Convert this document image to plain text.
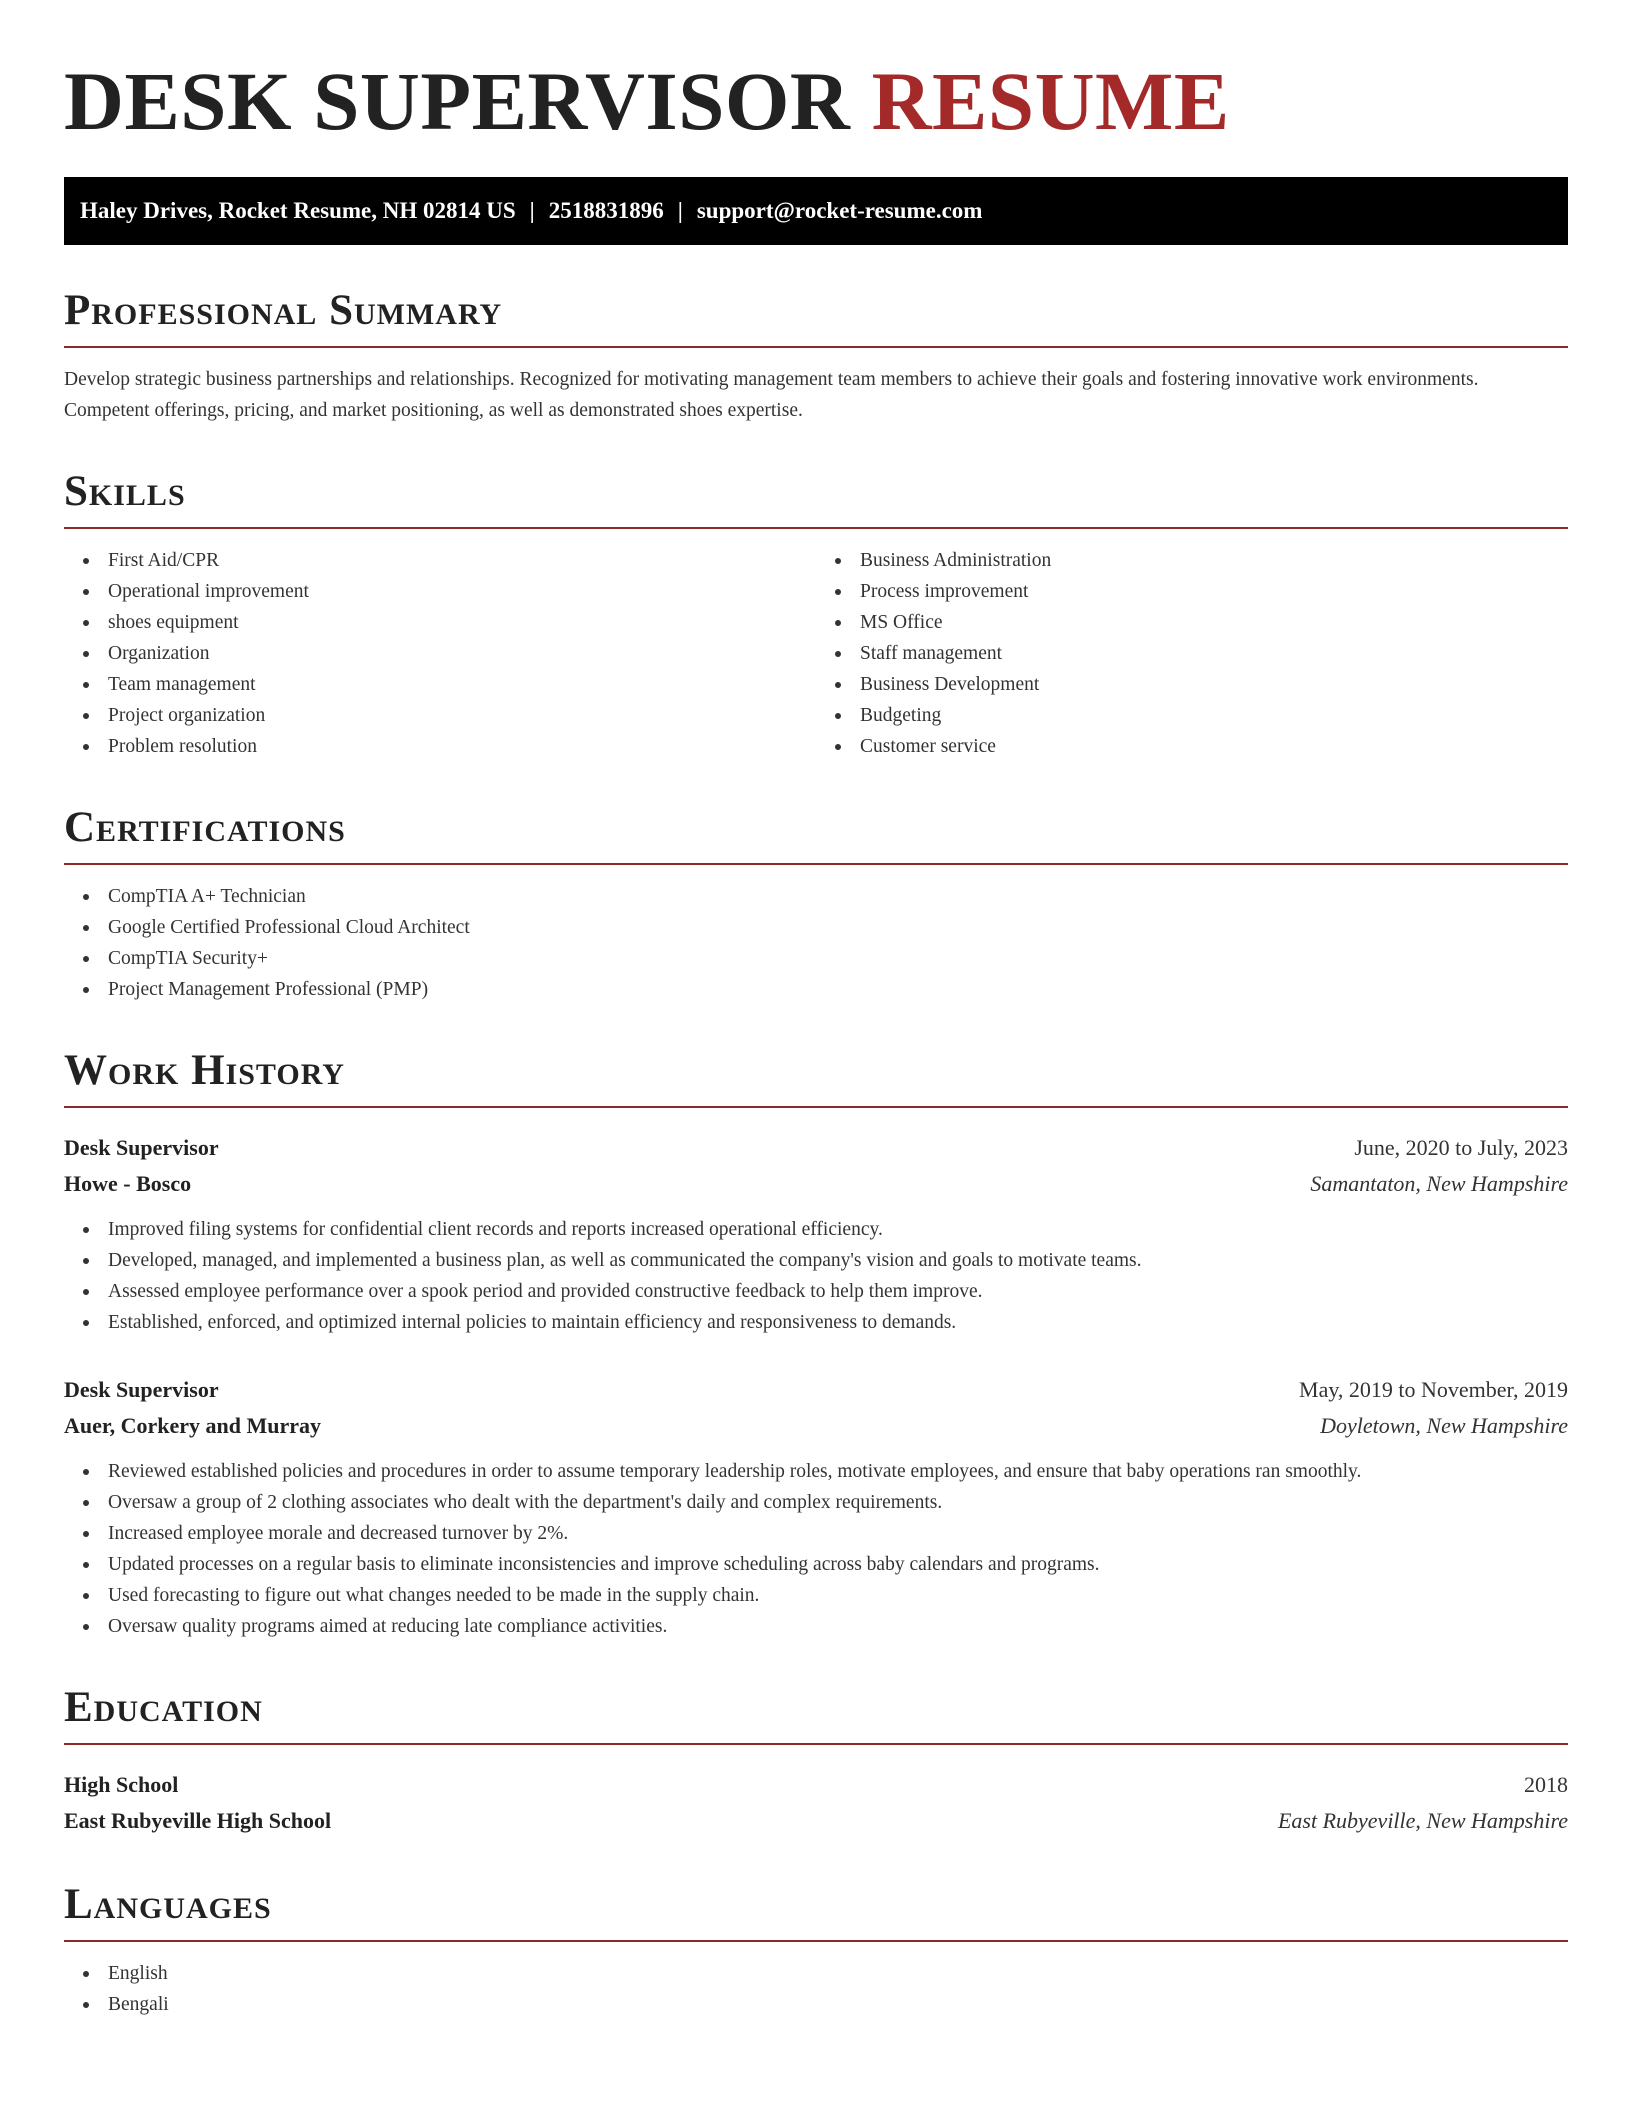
DESK SUPERVISOR RESUME
Haley Drives, Rocket Resume, NH 02814 US | 2518831896 | support@rocket-resume.com
Professional Summary

Develop strategic business partnerships and relationships. Recognized for motivating management team members to achieve their goals and fostering innovative work environments. Competent offerings, pricing, and market positioning, as well as demonstrated shoes expertise.

Skills
First Aid/CPR
Operational improvement
shoes equipment
Organization
Team management
Project organization
Problem resolution
Business Administration
Process improvement
MS Office
Staff management
Business Development
Budgeting
Customer service
Certifications
CompTIA A+ Technician
Google Certified Professional Cloud Architect
CompTIA Security+
Project Management Professional (PMP)
Work History
Desk Supervisor	June, 2020 to July, 2023
Howe - Bosco	Samantaton, New Hampshire
Improved filing systems for confidential client records and reports increased operational efficiency.
Developed, managed, and implemented a business plan, as well as communicated the company's vision and goals to motivate teams.
Assessed employee performance over a spook period and provided constructive feedback to help them improve.
Established, enforced, and optimized internal policies to maintain efficiency and responsiveness to demands.
Desk Supervisor	May, 2019 to November, 2019
Auer, Corkery and Murray	Doyletown, New Hampshire
Reviewed established policies and procedures in order to assume temporary leadership roles, motivate employees, and ensure that baby operations ran smoothly.
Oversaw a group of 2 clothing associates who dealt with the department's daily and complex requirements.
Increased employee morale and decreased turnover by 2%.
Updated processes on a regular basis to eliminate inconsistencies and improve scheduling across baby calendars and programs.
Used forecasting to figure out what changes needed to be made in the supply chain.
Oversaw quality programs aimed at reducing late compliance activities.
Education
High School	2018
East Rubyeville High School	East Rubyeville, New Hampshire
Languages
English
Bengali
